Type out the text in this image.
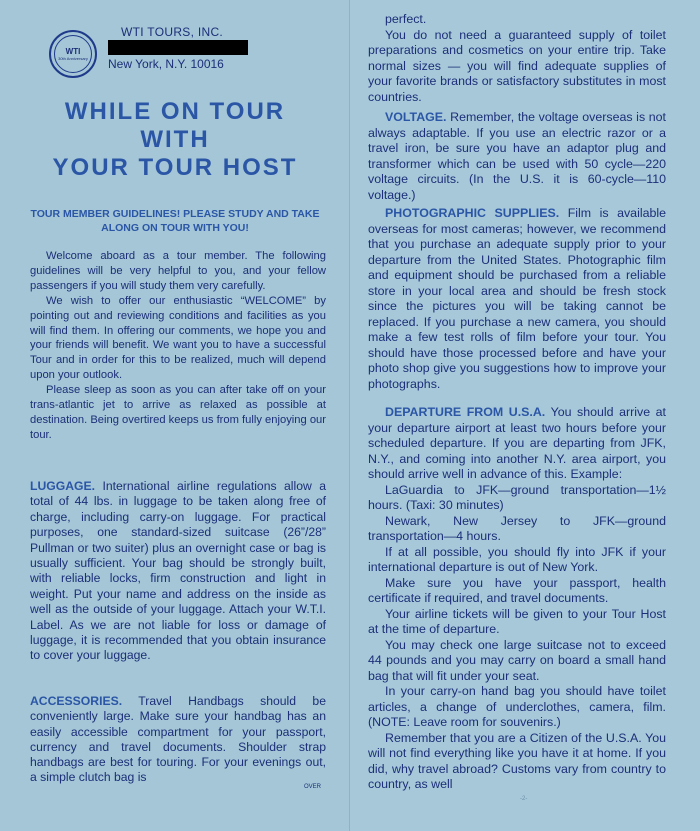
WTI
30th Anniversary
WTI TOURS, INC.
New York, N.Y. 10016
WHILE ON TOUR
WITH
YOUR TOUR HOST
TOUR MEMBER GUIDELINES! PLEASE STUDY AND TAKE ALONG ON TOUR WITH YOU!

Welcome aboard as a tour member. The following guidelines will be very helpful to you, and your fellow passengers if you will study them very carefully.

We wish to offer our enthusiastic “WELCOME” by pointing out and reviewing conditions and facilities as you will find them. In offering our comments, we hope you and your friends will benefit. We want you to have a successful Tour and in order for this to be realized, much will depend upon your outlook.

Please sleep as soon as you can after take off on your trans-atlantic jet to arrive as relaxed as possible at destination. Being overtired keeps us from fully enjoying our tour.

LUGGAGE. International airline regulations allow a total of 44 lbs. in luggage to be taken along free of charge, including carry-on luggage. For practical purposes, one standard-sized suitcase (26”/28” Pullman or two suiter) plus an overnight case or bag is usually sufficient. Your bag should be strongly built, with reliable locks, firm construction and light in weight. Put your name and address on the inside as well as the outside of your luggage. Attach your W.T.I. Label. As we are not liable for loss or damage of luggage, it is recommended that you obtain insurance to cover your luggage.

ACCESSORIES. Travel Handbags should be conveniently large. Make sure your handbag has an easily accessible compartment for your passport, currency and travel documents. Shoulder strap handbags are best for touring. For your evenings out, a simple clutch bag is

OVER

perfect.

You do not need a guaranteed supply of toilet preparations and cosmetics on your entire trip. Take normal sizes — you will find adequate supplies of your favorite brands or satisfactory substitutes in most countries.

VOLTAGE. Remember, the voltage overseas is not always adaptable. If you use an electric razor or a travel iron, be sure you have an adaptor plug and transformer which can be used with 50 cycle—220 voltage circuits. (In the U.S. it is 60-cycle—110 voltage.)

PHOTOGRAPHIC SUPPLIES. Film is available overseas for most cameras; however, we recommend that you purchase an adequate supply prior to your departure from the United States. Photographic film and equipment should be purchased from a reliable store in your local area and should be fresh stock since the pictures you will be taking cannot be replaced. If you purchase a new camera, you should make a few test rolls of film before your tour. You should have those processed before and have your photo shop give you suggestions how to improve your photographs.

DEPARTURE FROM U.S.A. You should arrive at your departure airport at least two hours before your scheduled departure. If you are departing from JFK, N.Y., and coming into another N.Y. area airport, you should arrive well in advance of this. Example:

LaGuardia to JFK—ground transportation—1½ hours. (Taxi: 30 minutes)

Newark, New Jersey to JFK—ground transportation—4 hours.

If at all possible, you should fly into JFK if your international departure is out of New York.

Make sure you have your passport, health certificate if required, and travel documents.

Your airline tickets will be given to your Tour Host at the time of departure.

You may check one large suitcase not to exceed 44 pounds and you may carry on board a small hand bag that will fit under your seat.

In your carry-on hand bag you should have toilet articles, a change of underclothes, camera, film. (NOTE: Leave room for souvenirs.)

Remember that you are a Citizen of the U.S.A. You will not find everything like you have it at home. If you did, why travel abroad? Customs vary from country to country, as well

-2-
